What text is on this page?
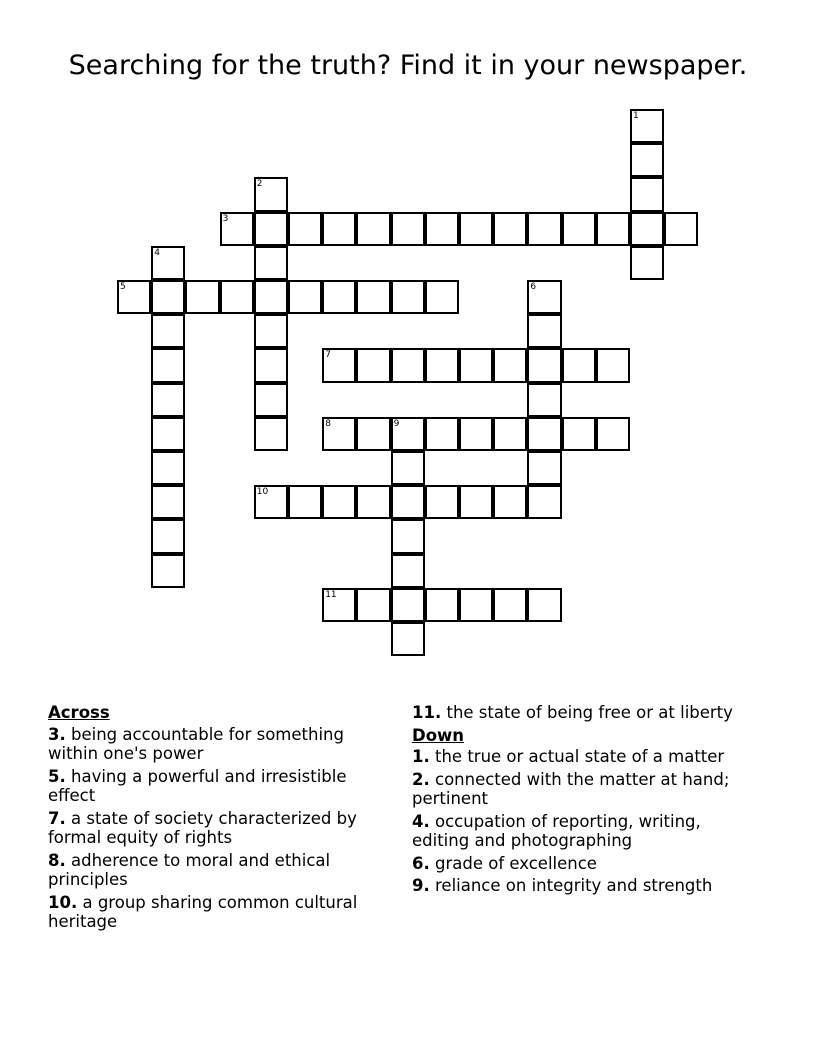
Searching for the truth? Find it in your newspaper.
1
2
3
4
5	6
7
8	9
10
11
Across
3. being accountable for something within one's power
5. having a powerful and irresistible effect
7. a state of society characterized by formal equity of rights
8. adherence to moral and ethical principles
10. a group sharing common cultural heritage
11. the state of being free or at liberty
Down
1. the true or actual state of a matter
2. connected with the matter at hand; pertinent
4. occupation of reporting, writing, editing and photographing
6. grade of excellence
9. reliance on integrity and strength
